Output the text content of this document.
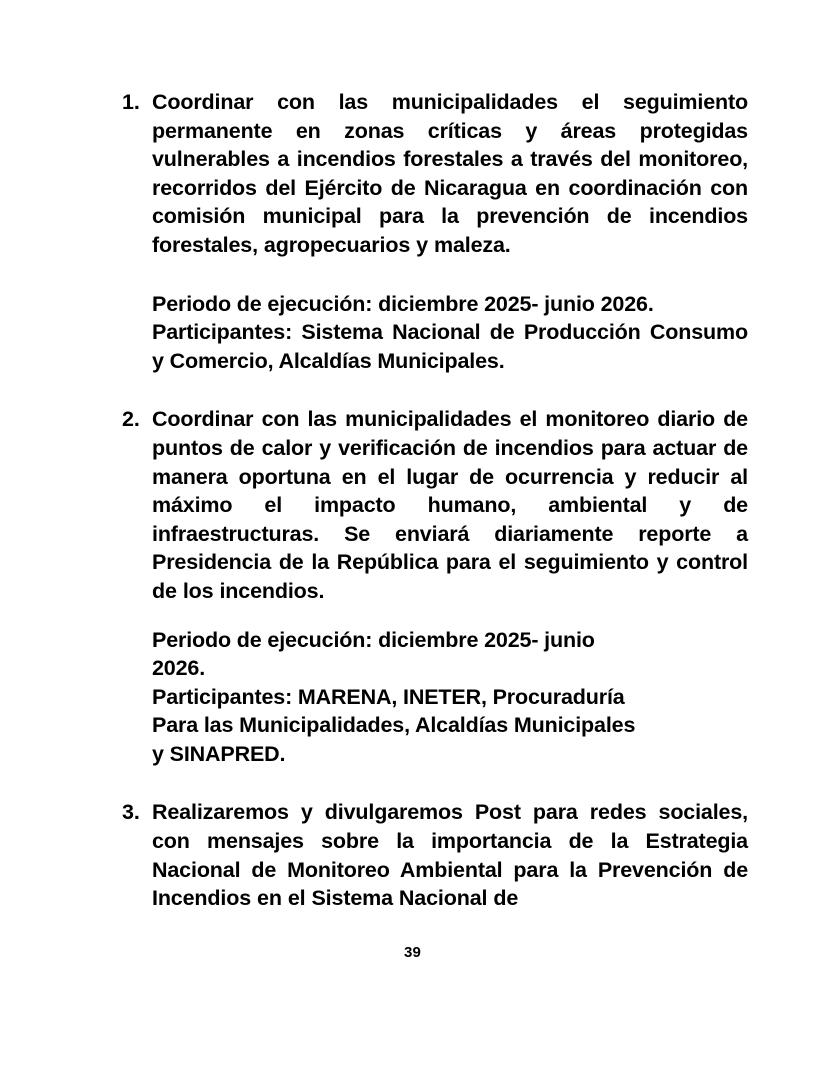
1. Coordinar con las municipalidades el seguimiento permanente en zonas críticas y áreas protegidas vulnerables a incendios forestales a través del monitoreo, recorridos del Ejército de Nicaragua en coordinación con comisión municipal para la prevención de incendios forestales, agropecuarios y maleza.
Periodo de ejecución: diciembre 2025- junio 2026.
Participantes: Sistema Nacional de Producción Consumo y Comercio, Alcaldías Municipales.
2. Coordinar con las municipalidades el monitoreo diario de puntos de calor y verificación de incendios para actuar de manera oportuna en el lugar de ocurrencia y reducir al máximo el impacto humano, ambiental y de infraestructuras. Se enviará diariamente reporte a Presidencia de la República para el seguimiento y control de los incendios.
Periodo de ejecución: diciembre 2025- junio
2026.
Participantes: MARENA, INETER, Procuraduría
Para las Municipalidades, Alcaldías Municipales
y SINAPRED.
3. Realizaremos y divulgaremos Post para redes sociales, con mensajes sobre la importancia de la Estrategia Nacional de Monitoreo Ambiental para la Prevención de Incendios en el Sistema Nacional de
39
